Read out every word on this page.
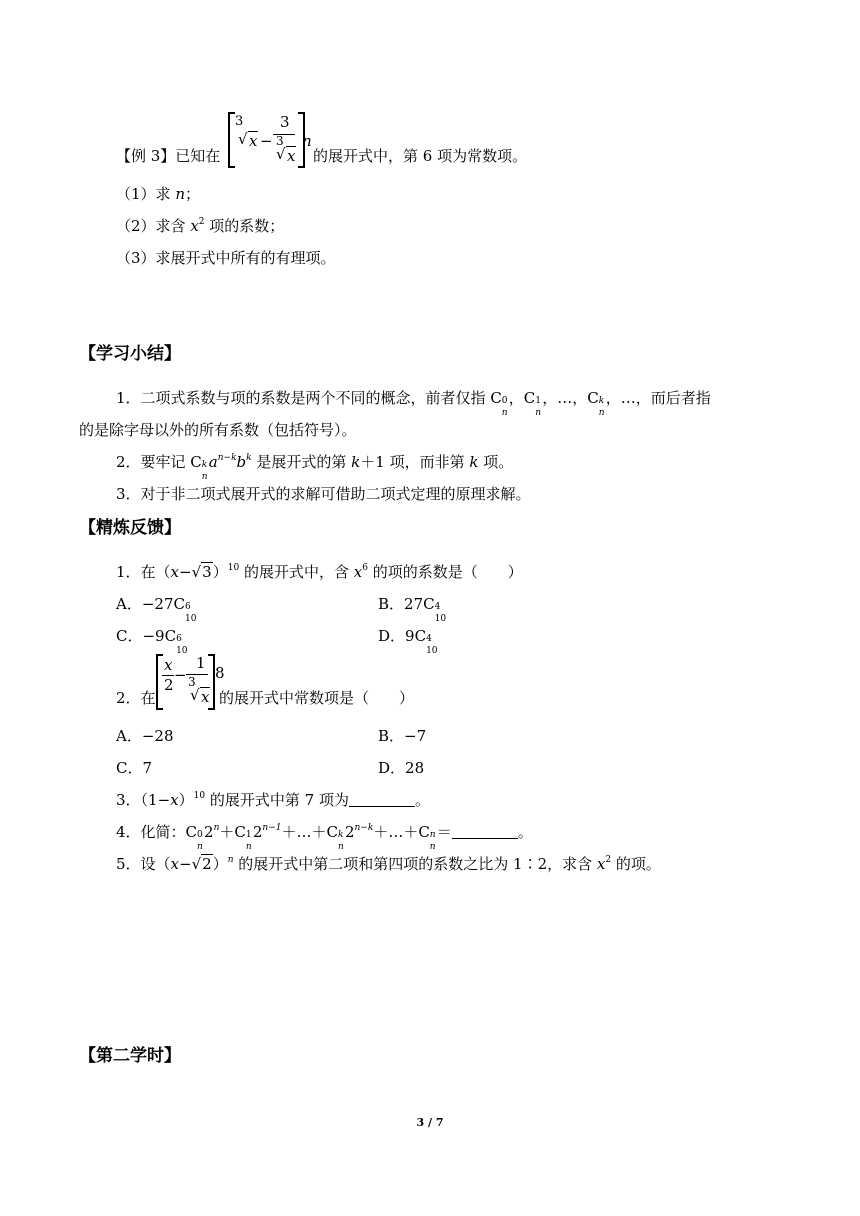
【例 3】已知在
3
√ x −
3
3
√ x
n
的展开式中，第 6 项为常数项。
（1）求 n；
（2）求含 $x^2$ 项的系数；
（3）求展开式中所有的有理项。
【学习小结】
1．二项式系数与项的系数是两个不同的概念，前者仅指 C 0
n
，C 1
n
，…，C k
n
，…，而后者指
的是除字母以外的所有系数（包括符号）。
2．要牢记 C k
n
$a^{n-k}b^k$ 是展开式的第 k＋1 项，而非第 k 项。
3．对于非二项式展开式的求解可借助二项式定理的原理求解。
【精炼反馈】
1．在$(x-√3)^{10}$ 的展开式中，含 $x^6$ 的项的系数是（　　）
A．−27C 6
10
B．27C 4
10
C．−9C 6
10
D．9C 4
10
2．在
x
2
−
1
3
√ x
8
的展开式中常数项是（　　）
A．−28	B．−7
C．7	D．28
3．$(1-x)^{10}$ 的展开式中第 7 项为	。
4．化简：C 0
n
$2^n+C$ 1
n
$2^{n-1}+\dots+C$ k
n
$2^{n-k}+\dots+C$ n
n
＝	。
5．设$(x-√2)^n$ 的展开式中第二项和第四项的系数之比为 1∶2，求含 $x^2$ 的项。
【第二学时】
3 / 7
